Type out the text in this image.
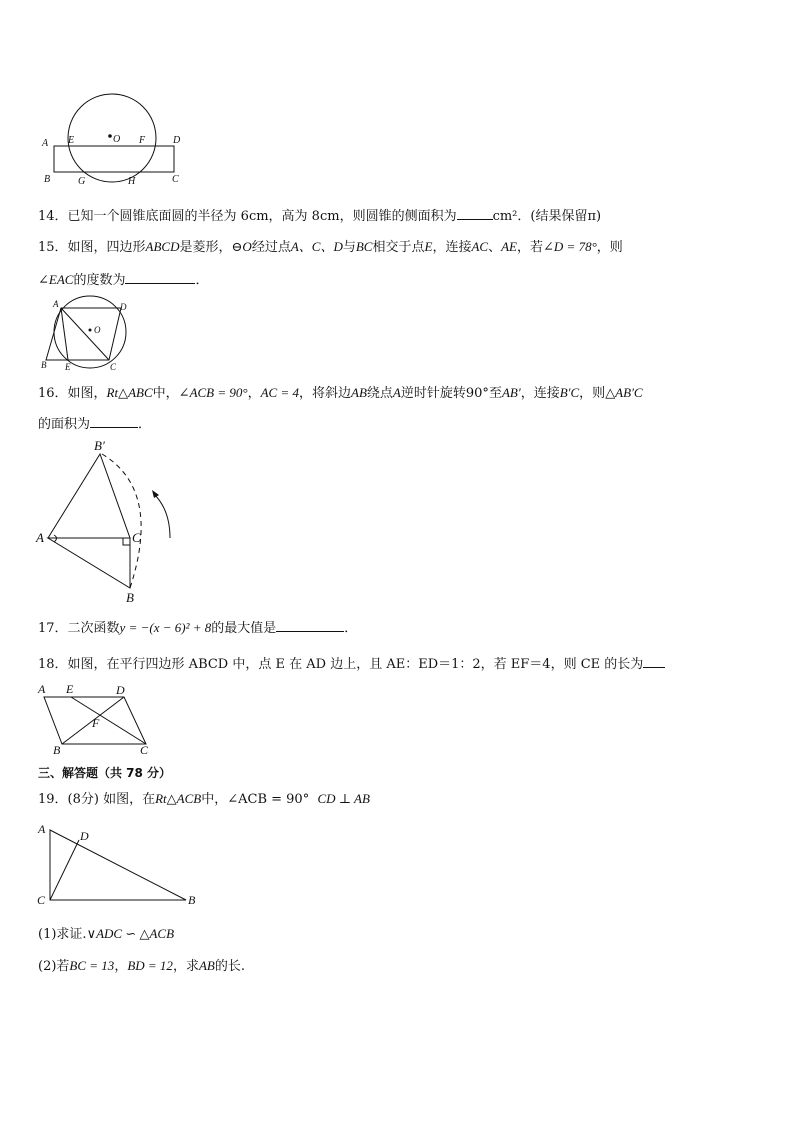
A E	O F	D
B	G	H	C
14．已知一个圆锥底面圆的半径为 6cm，高为 8cm，则圆锥的侧面积为	cm²．(结果保留π)
15．如图，四边形ABCD是菱形，⊖O经过点A、C、D与BC相交于点E，连接AC、AE，若∠D = 78°，则
∠EAC的度数为	．
A	D
O
B E	C
16．如图，Rt△ABC中，∠ACB = 90°，AC = 4，将斜边AB绕点A逆时针旋转90°至AB′，连接B′C，则△AB′C
的面积为	．
B′
A	C
B
17．二次函数y = −(x − 6)² + 8的最大值是	．
18．如图，在平行四边形 ABCD 中，点 E 在 AD 边上，且 AE：ED＝1：2，若 EF＝4，则 CE 的长为
A E	D
F
B	C
三、解答题（共 78 分）
19．(8分) 如图，在Rt△ACB中，∠ACB = 90° CD ⊥ AB
A	D
C	B
(1)求证.∨ADC ∽ △ACB
(2)若BC = 13，BD = 12，求AB的长.
